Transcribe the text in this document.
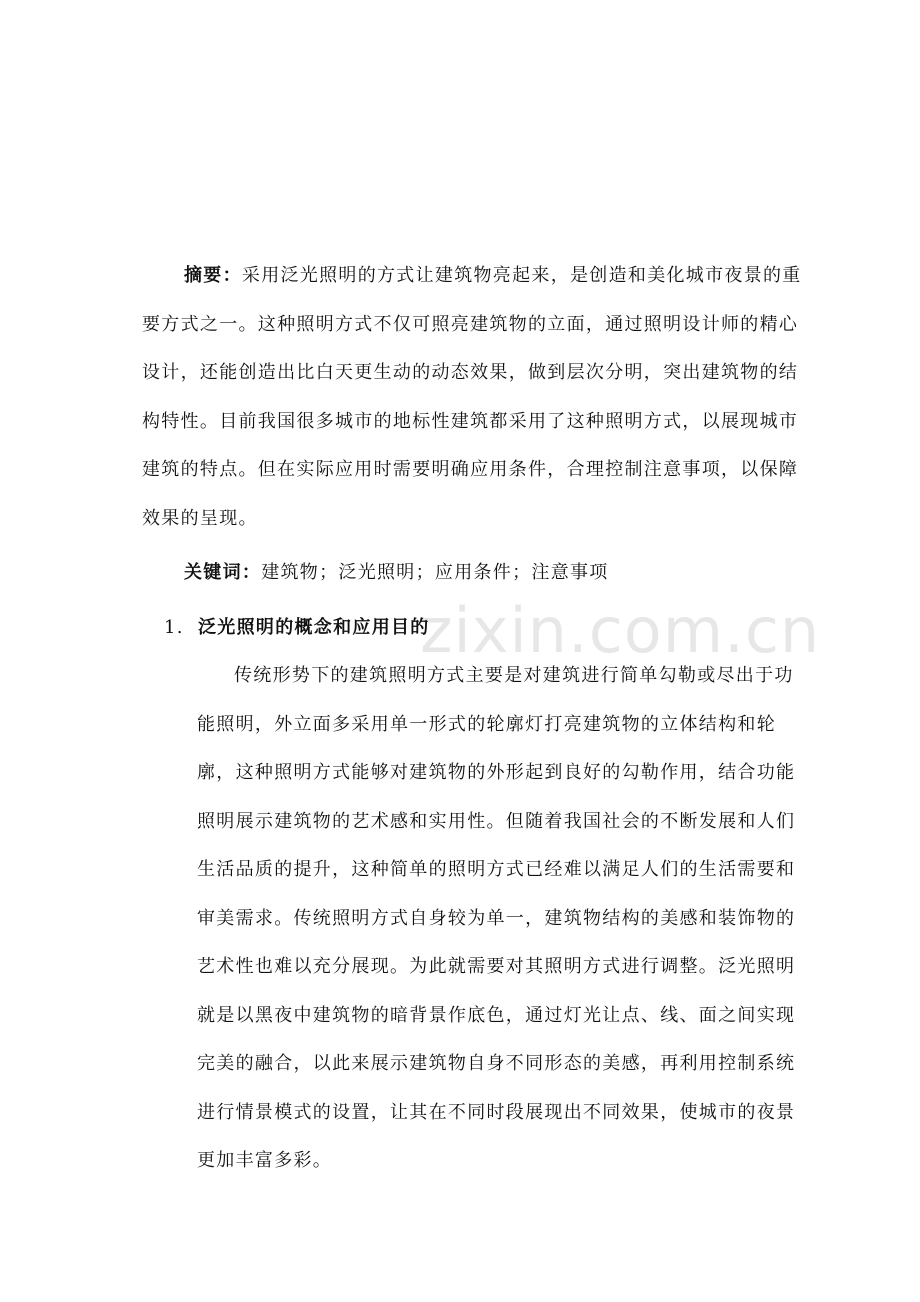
zixin.com.cn
摘要：采用泛光照明的方式让建筑物亮起来，是创造和美化城市夜景的重
要方式之一。这种照明方式不仅可照亮建筑物的立面，通过照明设计师的精心
设计，还能创造出比白天更生动的动态效果，做到层次分明，突出建筑物的结
构特性。目前我国很多城市的地标性建筑都采用了这种照明方式，以展现城市
建筑的特点。但在实际应用时需要明确应用条件，合理控制注意事项，以保障
效果的呈现。
关键词：建筑物；泛光照明；应用条件；注意事项
1. 泛光照明的概念和应用目的
传统形势下的建筑照明方式主要是对建筑进行简单勾勒或尽出于功
能照明，外立面多采用单一形式的轮廓灯打亮建筑物的立体结构和轮
廓，这种照明方式能够对建筑物的外形起到良好的勾勒作用，结合功能
照明展示建筑物的艺术感和实用性。但随着我国社会的不断发展和人们
生活品质的提升，这种简单的照明方式已经难以满足人们的生活需要和
审美需求。传统照明方式自身较为单一，建筑物结构的美感和装饰物的
艺术性也难以充分展现。为此就需要对其照明方式进行调整。泛光照明
就是以黑夜中建筑物的暗背景作底色，通过灯光让点、线、面之间实现
完美的融合，以此来展示建筑物自身不同形态的美感，再利用控制系统
进行情景模式的设置，让其在不同时段展现出不同效果，使城市的夜景
更加丰富多彩。
